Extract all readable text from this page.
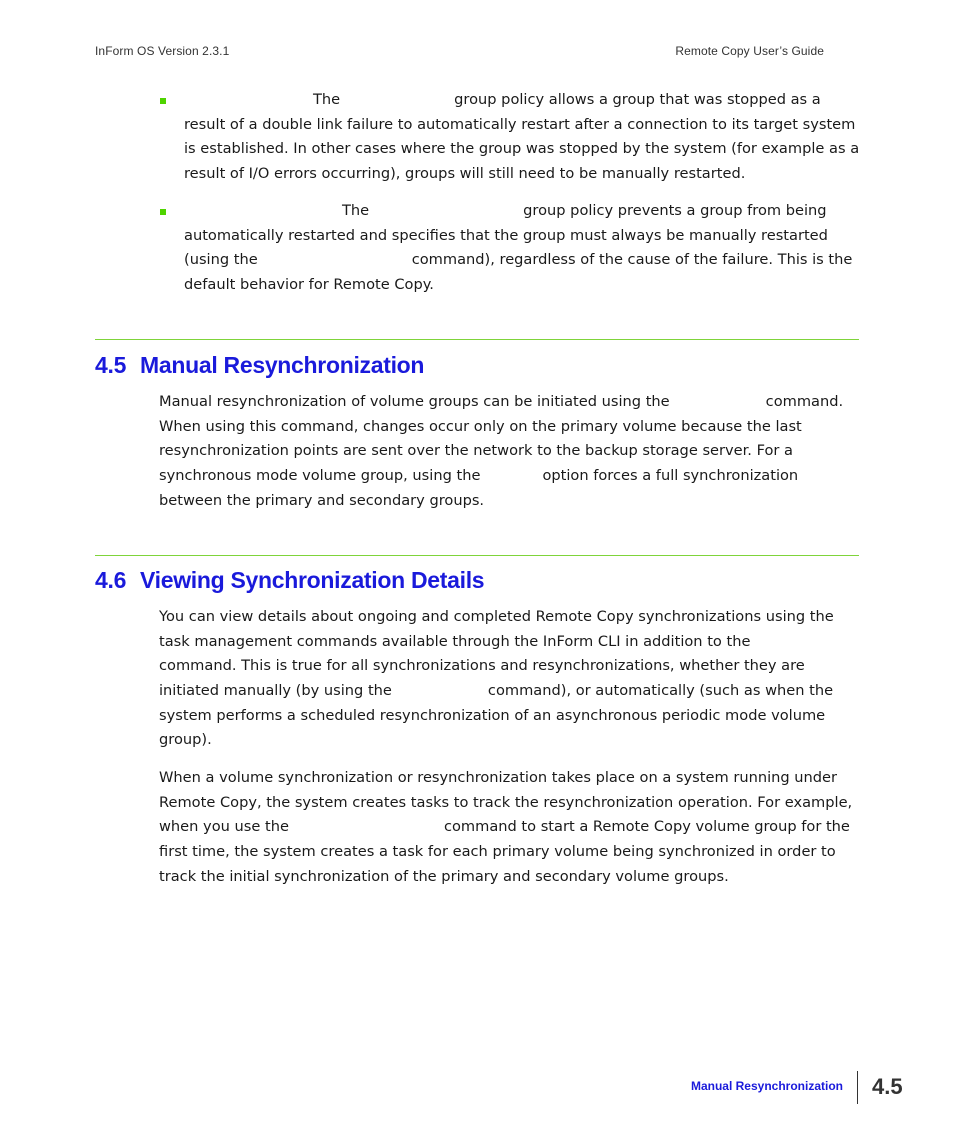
InForm OS Version 2.3.1	Remote Copy User’s Guide
The	group policy allows a group that was stopped as a
result of a double link failure to automatically restart after a connection to its target system
is established. In other cases where the group was stopped by the system (for example as a
result of I/O errors occurring), groups will still need to be manually restarted.
The	group policy prevents a group from being
automatically restarted and specifies that the group must always be manually restarted
(using the	command), regardless of the cause of the failure. This is the
default behavior for Remote Copy.
4.5 Manual Resynchronization
Manual resynchronization of volume groups can be initiated using the	command.
When using this command, changes occur only on the primary volume because the last
resynchronization points are sent over the network to the backup storage server. For a
synchronous mode volume group, using the	option forces a full synchronization
between the primary and secondary groups.
4.6 Viewing Synchronization Details
You can view details about ongoing and completed Remote Copy synchronizations using the
task management commands available through the InForm CLI in addition to the
command. This is true for all synchronizations and resynchronizations, whether they are
initiated manually (by using the	command), or automatically (such as when the
system performs a scheduled resynchronization of an asynchronous periodic mode volume
group).
When a volume synchronization or resynchronization takes place on a system running under
Remote Copy, the system creates tasks to track the resynchronization operation. For example,
when you use the	command to start a Remote Copy volume group for the
first time, the system creates a task for each primary volume being synchronized in order to
track the initial synchronization of the primary and secondary volume groups.
Manual Resynchronization 4.5
